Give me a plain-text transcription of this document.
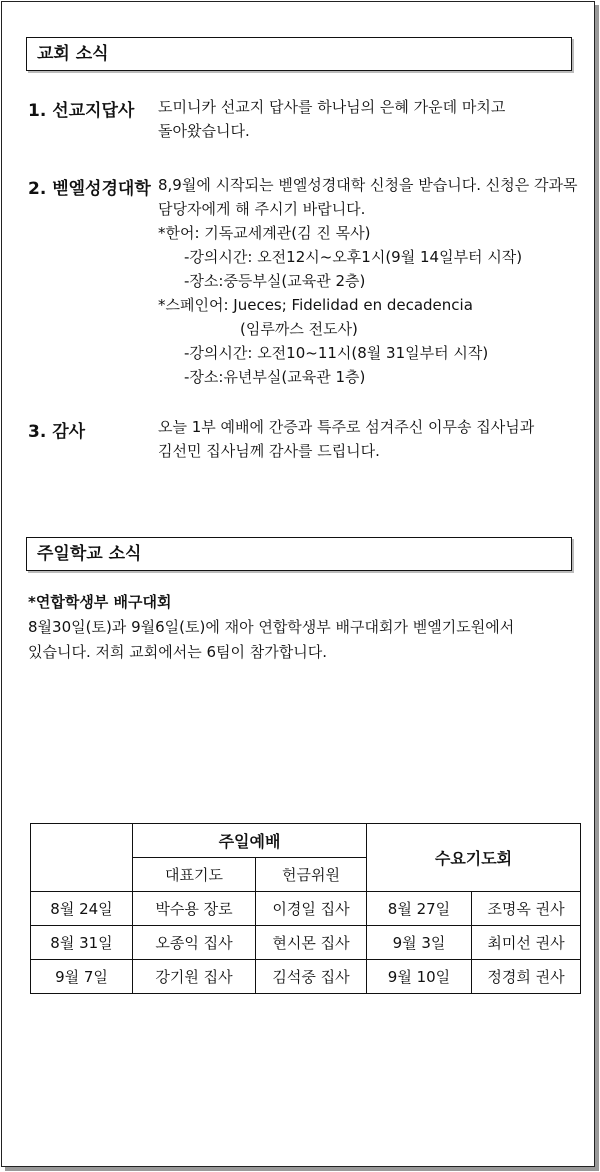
교회 소식
1. 선교지답사 도미니카 선교지 답사를 하나님의 은혜 가운데 마치고
돌아왔습니다.
2. 벧엘성경대학 8,9월에 시작되는 벧엘성경대학 신청을 받습니다. 신청은 각과목
담당자에게 해 주시기 바랍니다.
*한어: 기독교세계관(김 진 목사)
-강의시간: 오전12시~오후1시(9월 14일부터 시작)
-장소:중등부실(교육관 2층)
*스페인어: Jueces; Fidelidad en decadencia
(임루까스 전도사)
-강의시간: 오전10~11시(8월 31일부터 시작)
-장소:유년부실(교육관 1층)
3. 감사	오늘 1부 예배에 간증과 특주로 섬겨주신 이무송 집사님과
김선민 집사님께 감사를 드립니다.
주일학교 소식
*연합학생부 배구대회
8월30일(토)과 9월6일(토)에 재아 연합학생부 배구대회가 벧엘기도원에서
있습니다. 저희 교회에서는 6팀이 참가합니다.
	주일예배		수요기도회	
	대표기도	헌금위원		
8월 24일	박수용 장로	이경일 집사	8월 27일	조명옥 권사
8월 31일	오종익 집사	현시몬 집사	9월 3일	최미선 권사
9월 7일	강기원 집사	김석중 집사	9월 10일	정경희 권사
